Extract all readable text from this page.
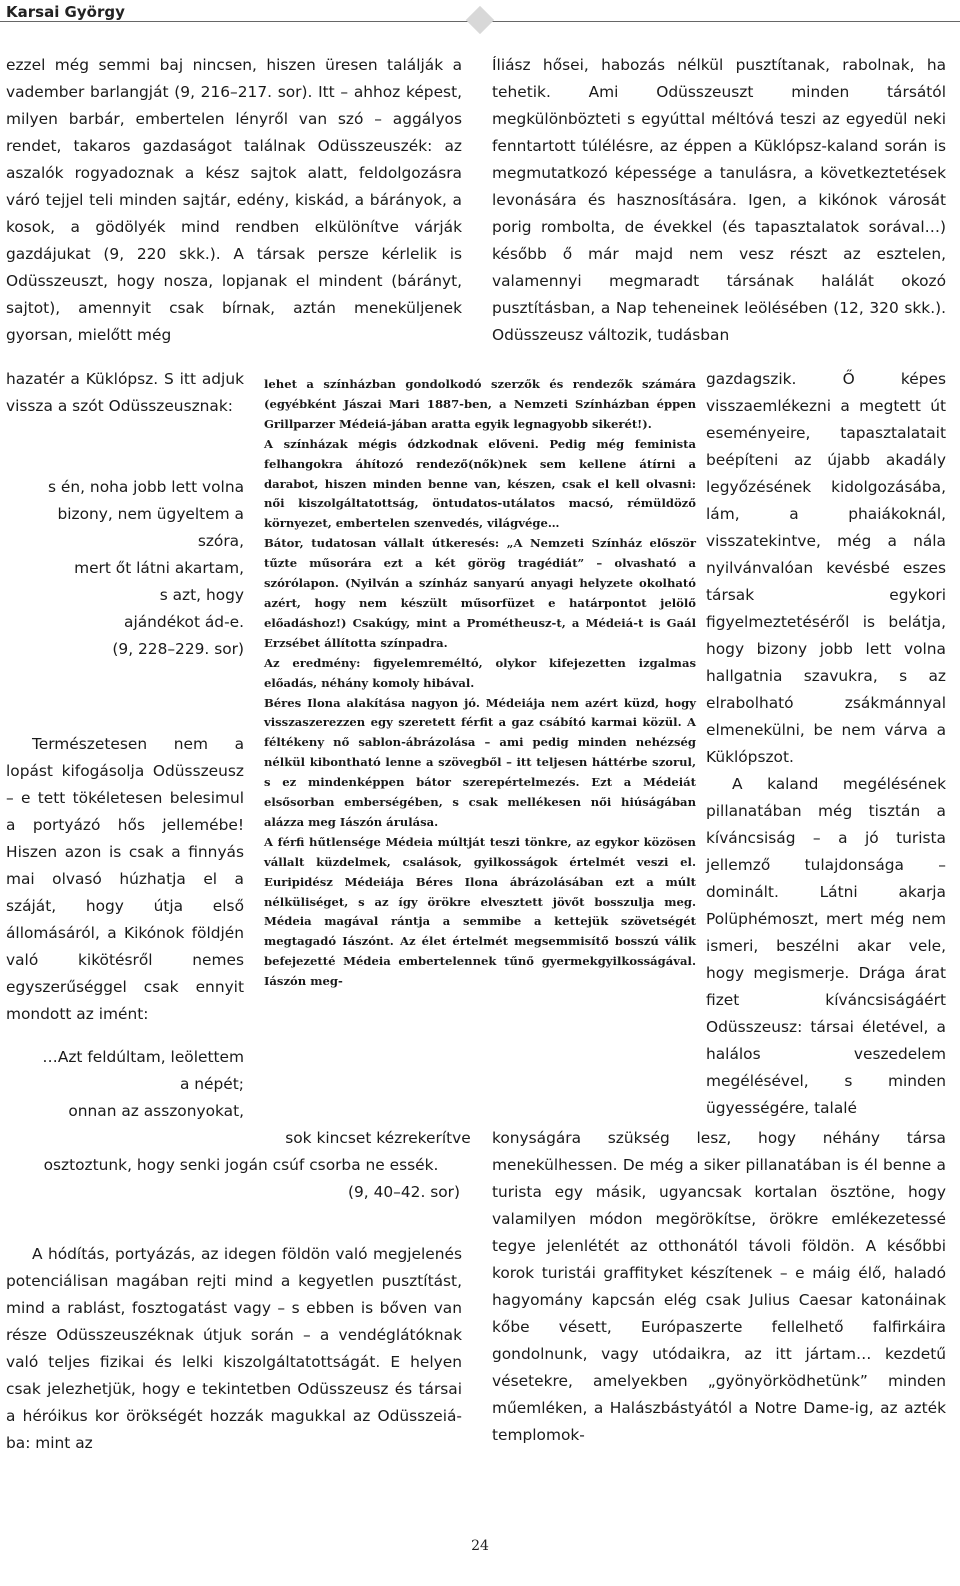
Karsai György

ezzel még semmi baj nincsen, hiszen üresen találják a vadember barlangját (9, 216–217. sor). Itt – ahhoz képest, milyen barbár, embertelen lényről van szó – aggályos rendet, takaros gazdaságot találnak Odüsszeuszék: az aszalók rogyadoznak a kész sajtok alatt, feldolgozásra váró tejjel teli minden sajtár, edény, kiskád, a bárányok, a kosok, a gödölyék mind rendben elkülönítve várják gazdájukat (9, 220 skk.). A társak persze kérlelik is Odüsszeuszt, hogy nosza, lopjanak el mindent (bárányt, sajtot), amennyit csak bírnak, aztán meneküljenek gyorsan, mielőtt még

hazatér a Küklópsz. S itt adjuk vissza a szót Odüsszeusznak:

s én, noha jobb lett volna
bizony, nem ügyeltem a
szóra,
mert őt látni akartam,
s azt, hogy
ajándékot ád-e.
(9, 228–229. sor)

Természetesen nem a lopást kifogásolja Odüsszeusz – e tett tökéletesen belesimul a portyázó hős jellemébe! Hiszen azon is csak a finnyás mai olvasó húzhatja el a száját, hogy útja első állomásáról, a Kikónok földjén való kikötésről nemes egyszerűséggel csak ennyit mondott az imént:

…Azt feldúltam, leölettem
a népét;
onnan az asszonyokat,
sok kincset kézrekerítve
osztoztunk, hogy senki jogán csúf csorba ne essék.
(9, 40–42. sor)

A hódítás, portyázás, az idegen földön való megjelenés potenciálisan magában rejti mind a kegyetlen pusztítást, mind a rablást, fosztogatást vagy – s ebben is bőven van része Odüsszeuszéknak útjuk során – a vendéglátóknak való teljes fizikai és lelki kiszolgáltatottságát. E helyen csak jelezhetjük, hogy e tekintetben Odüsszeusz és társai a héróikus kor örökségét hozzák magukkal az Odüsszeiá-ba: mint az

Íliász hősei, habozás nélkül pusztítanak, rabolnak, ha tehetik. Ami Odüsszeuszt minden társától megkülönbözteti s egyúttal méltóvá teszi az egyedül neki fenntartott túlélésre, az éppen a Küklópsz-kaland során is megmutatkozó képessége a tanulásra, a következtetések levonására és hasznosítására. Igen, a kikónok városát porig rombolta, de évekkel (és tapasztalatok sorával…) később ő már majd nem vesz részt az esztelen, valamennyi megmaradt társának halálát okozó pusztításban, a Nap teheneinek leölésében (12, 320 skk.). Odüsszeusz változik, tudásban

gazdagszik. Ő képes visszaemlékezni a megtett út eseményeire, tapasztalatait beépíteni az újabb akadály legyőzésének kidolgozásába, lám, a phaiákoknál, visszatekintve, még a nála nyilvánvalóan kevésbé eszes társak egykori figyelmeztetéséről is belátja, hogy bizony jobb lett volna hallgatnia szavukra, s az elrabolható zsákmánnyal elmenekülni, be nem várva a Küklópszot.

A kaland megélésének pillanatában még tisztán a kíváncsiság – a jó turista jellemző tulajdonsága – dominált. Látni akarja Polüphémoszt, mert még nem ismeri, beszélni akar vele, hogy megismerje. Drága árat fizet kíváncsiságáért Odüsszeusz: társai életével, a halálos veszedelem megélésével, s minden ügyességére, talalé

konyságára szükség lesz, hogy néhány társa menekülhessen. De még a siker pillanatában is él benne a turista egy másik, ugyancsak kortalan ösztöne, hogy valamilyen módon megörökítse, örökre emlékezetessé tegye jelenlétét az otthonától távoli földön. A későbbi korok turistái graffityket készítenek – e máig élő, haladó hagyomány kapcsán elég csak Julius Caesar katonáinak kőbe vésett, Európaszerte fellelhető falfirkáira gondolnunk, vagy utódaikra, az itt jártam… kezdetű vésetekre, amelyekben „gyönyörködhetünk” minden műemléken, a Halászbástyától a Notre Dame-ig, az azték templomok-

lehet a színházban gondolkodó szerzők és rendezők számára (egyébként Jászai Mari 1887-ben, a Nemzeti Színházban éppen Grillparzer Médeiá-jában aratta egyik legnagyobb sikerét!).

A színházak mégis ódzkodnak előveni. Pedig még feminista felhangokra áhítozó rendező(nők)nek sem kellene átírni a darabot, hiszen minden benne van, készen, csak el kell olvasni: női kiszolgáltatottság, öntudatos-utálatos macsó, rémüldöző környezet, embertelen szenvedés, világvége…

Bátor, tudatosan vállalt útkeresés: „A Nemzeti Színház először tűzte műsorára ezt a két görög tragédiát” – olvasható a szórólapon. (Nyilván a színház sanyarú anyagi helyzete okolható azért, hogy nem készült műsorfüzet e határpontot jelölő előadáshoz!) Csakúgy, mint a Prométheusz-t, a Médeiá-t is Gaál Erzsébet állította színpadra.

Az eredmény: figyelemreméltó, olykor kifejezetten izgalmas előadás, néhány komoly hibával.

Béres Ilona alakítása nagyon jó. Médeiája nem azért küzd, hogy visszaszerezzen egy szeretett férfit a gaz csábító karmai közül. A féltékeny nő sablon-ábrázolása – ami pedig minden nehézség nélkül kibontható lenne a szövegből – itt teljesen háttérbe szorul, s ez mindenképpen bátor szerepértelmezés. Ezt a Médeiát elsősorban emberségében, s csak mellékesen női hiúságában alázza meg Iászón árulása.

A férfi hűtlensége Médeia múltját teszi tönkre, az egykor közösen vállalt küzdelmek, csalások, gyilkosságok értelmét veszi el. Euripidész Médeiája Béres Ilona ábrázolásában ezt a múlt nélküliséget, s az így örökre elvesztett jövőt bosszulja meg. Médeia magával rántja a semmibe a kettejük szövetségét megtagadó Iászónt. Az élet értelmét megsemmisítő bosszú válik befejezetté Médeia embertelennek tűnő gyermekgyilkosságával. Iászón meg-

24
